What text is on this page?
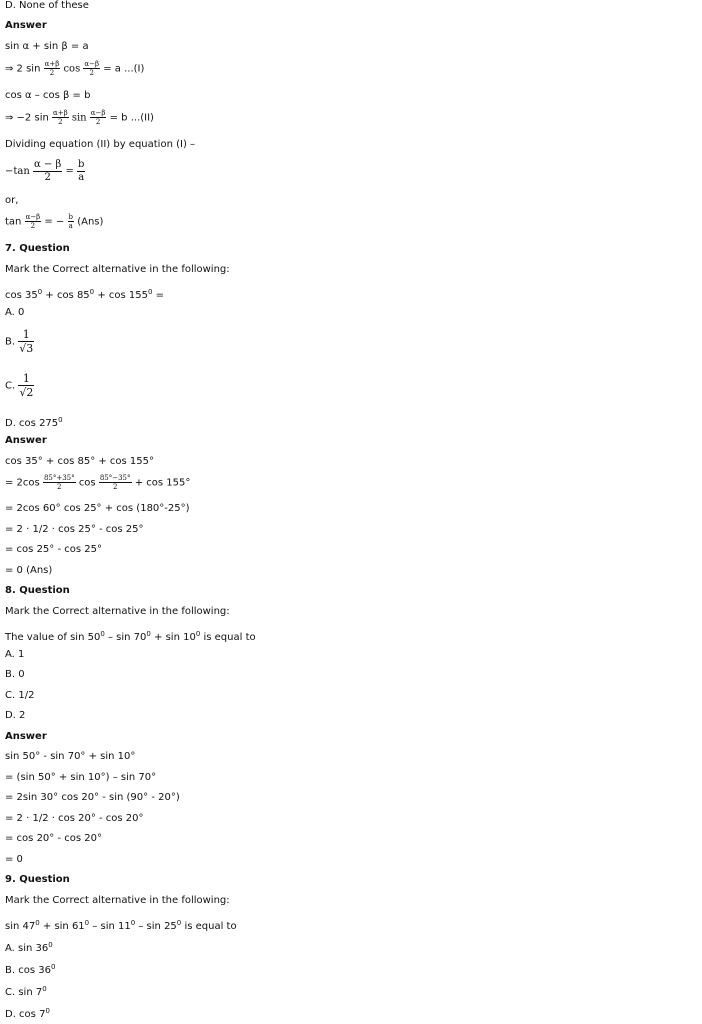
D. None of these
Answer
sin α + sin β = a
⇒ 2 $\sin \frac{\alpha+\beta}{2}$ $\cos \frac{\alpha-\beta}{2} = a$ ...(I)
cos α – cos β = b
⇒ −2 $\sin \frac{\alpha+\beta}{2}$ $\sin \frac{\alpha-\beta}{2} = b$ ...(II)
Dividing equation (II) by equation (I) –
$-\tan \frac{\alpha - \beta}{2} = \frac{b}{a}$
or,
$\tan \frac{\alpha-\beta}{2}$ = − $\frac{b}{a} (Ans)$
7. Question
Mark the Correct alternative in the following:
$\cos 35^0 + \cos 85^0 + \cos 155^0$ =
A. 0
B. $\frac{1}{√3}$
C. $\frac{1}{√2}$
D. $\cos 275^0$
Answer
cos 35° + cos 85° + cos 155°
= $2\cos \frac{85^\circ+35^\circ}{2}$ $\cos \frac{85^\circ-35^\circ}{2} + \cos 155^\circ$
= 2cos 60° cos 25° + cos (180°-25°)
= 2 · 1/2 · cos 25° - cos 25°
= cos 25° - cos 25°
= 0 (Ans)
8. Question
Mark the Correct alternative in the following:
The value of $\sin 50^0 - \sin 70^0 + \sin 10^0$ is equal to
A. 1
B. 0
C. 1/2
D. 2
Answer
sin 50° - sin 70° + sin 10°
= (sin 50° + sin 10°) – sin 70°
= 2sin 30° cos 20° - sin (90° - 20°)
= 2 · 1/2 · cos 20° - cos 20°
= cos 20° - cos 20°
= 0
9. Question
Mark the Correct alternative in the following:
$\sin 47^0 + \sin 61^0 - \sin 11^0 - \sin 25^0$ is equal to
A. $\sin 36^0$
B. $\cos 36^0$
C. $\sin 7^0$
D. $\cos 7^0$
